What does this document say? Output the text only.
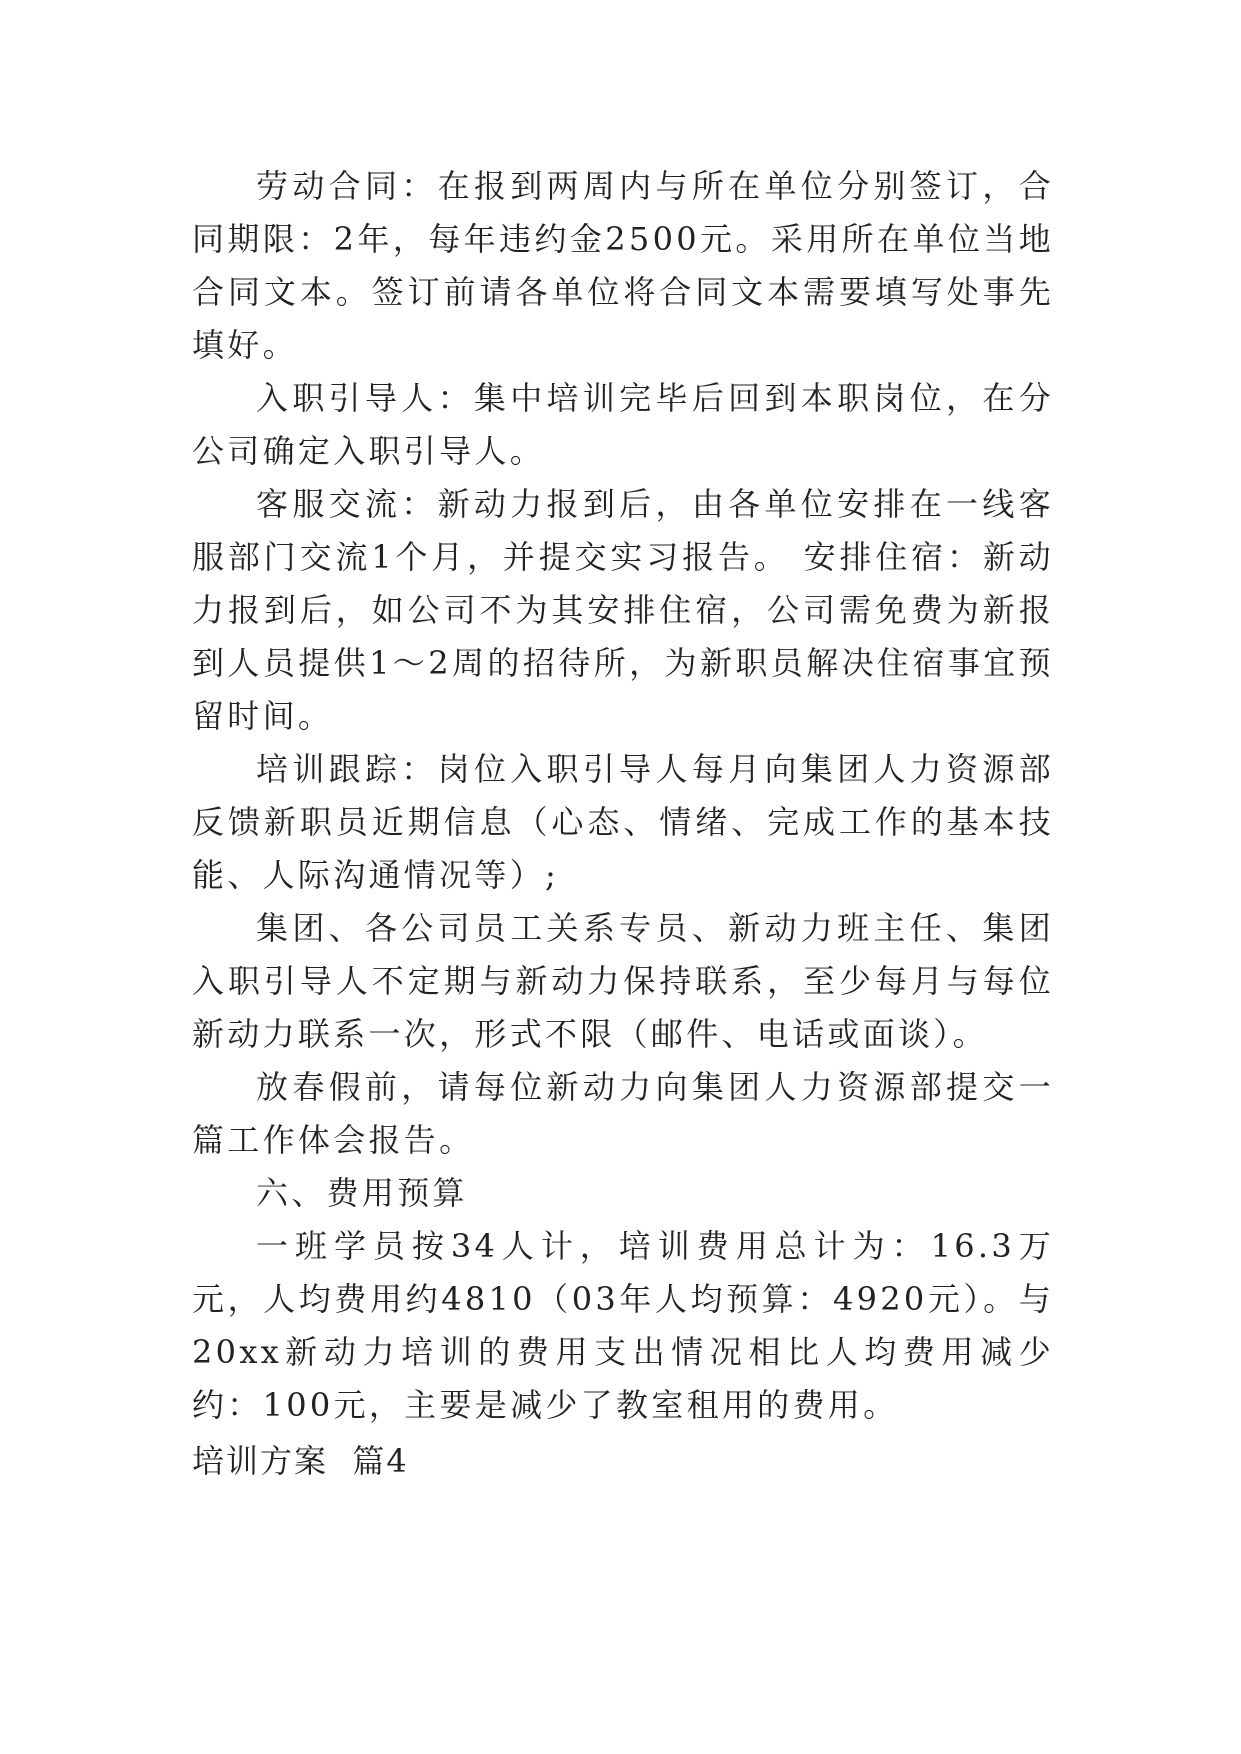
劳动合同：在报到两周内与所在单位分别签订，合同期限：2年，每年违约金2500元。采用所在单位当地合同文本。签订前请各单位将合同文本需要填写处事先填好。

入职引导人：集中培训完毕后回到本职岗位，在分公司确定入职引导人。

客服交流：新动力报到后，由各单位安排在一线客服部门交流1个月，并提交实习报告。 安排住宿：新动力报到后，如公司不为其安排住宿，公司需免费为新报到人员提供1～2周的招待所，为新职员解决住宿事宜预留时间。

培训跟踪：岗位入职引导人每月向集团人力资源部反馈新职员近期信息（心态、情绪、完成工作的基本技能、人际沟通情况等）;

集团、各公司员工关系专员、新动力班主任、集团入职引导人不定期与新动力保持联系，至少每月与每位新动力联系一次，形式不限（邮件、电话或面谈）。

放春假前，请每位新动力向集团人力资源部提交一篇工作体会报告。

六、费用预算

一班学员按34人计，培训费用总计为：16.3万元，人均费用约4810（03年人均预算：4920元）。与20xx新动力培训的费用支出情况相比人均费用减少约：100元，主要是减少了教室租用的费用。

培训方案  篇4
